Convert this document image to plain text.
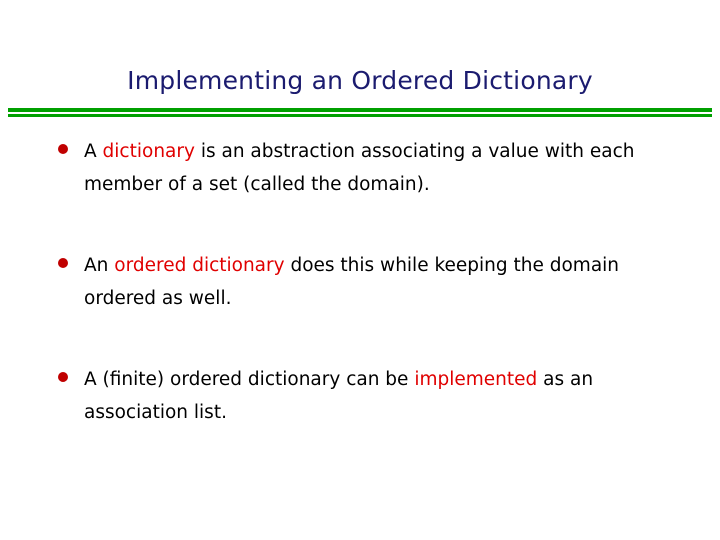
Implementing an Ordered Dictionary
A dictionary is an abstraction associating a value with each member of a set (called the domain).
An ordered dictionary does this while keeping the domain ordered as well.
A (finite) ordered dictionary can be implemented as an association list.
